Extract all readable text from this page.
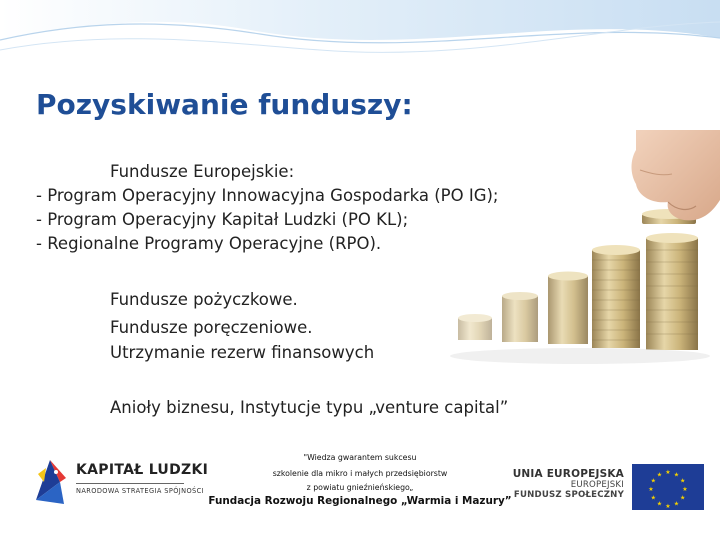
Pozyskiwanie funduszy:
Fundusze Europejskie:
- Program Operacyjny Innowacyjna Gospodarka (PO IG);
- Program Operacyjny Kapitał Ludzki (PO KL);
- Regionalne Programy Operacyjne (RPO).
Fundusze pożyczkowe.
Fundusze poręczeniowe.
Utrzymanie rezerw finansowych
Anioły biznesu, Instytucje typu „venture capital”
KAPITAŁ LUDZKI
NARODOWA STRATEGIA SPÓJNOŚCI
"Wiedza gwarantem sukcesu
szkolenie dla mikro i małych przedsiębiorstw
z powiatu gnieźnieńskiego„
Fundacja Rozwoju Regionalnego „Warmia i Mazury”
UNIA EUROPEJSKA
EUROPEJSKI
FUNDUSZ SPOŁECZNY
★ ★
★
★
★
★
★
★
★
★
★
★
